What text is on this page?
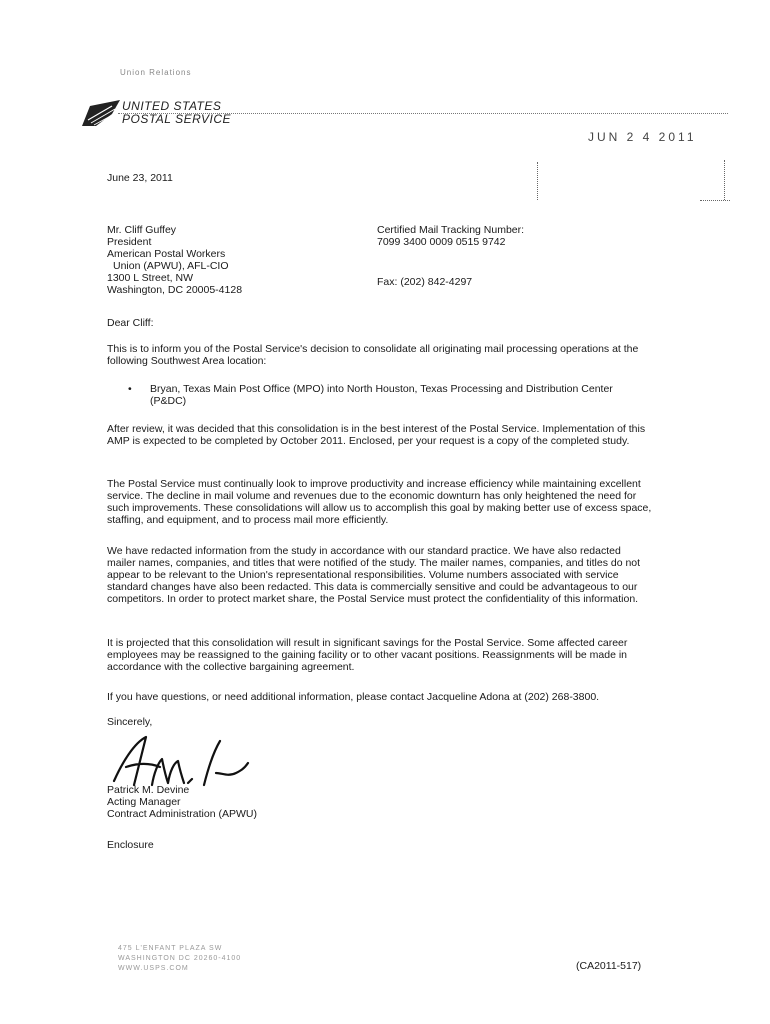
Union Relations
UNITED STATES
POSTAL SERVICE
JUN 2 4 2011
June 23, 2011
Mr. Cliff Guffey
President
American Postal Workers
Union (APWU), AFL-CIO
1300 L Street, NW
Washington, DC 20005-4128
Certified Mail Tracking Number:
7099 3400 0009 0515 9742
Fax: (202) 842-4297
Dear Cliff:
This is to inform you of the Postal Service's decision to consolidate all originating mail processing operations at the following Southwest Area location:
•	Bryan, Texas Main Post Office (MPO) into North Houston, Texas Processing and Distribution Center (P&DC)
After review, it was decided that this consolidation is in the best interest of the Postal Service. Implementation of this AMP is expected to be completed by October 2011. Enclosed, per your request is a copy of the completed study.
The Postal Service must continually look to improve productivity and increase efficiency while maintaining excellent service. The decline in mail volume and revenues due to the economic downturn has only heightened the need for such improvements. These consolidations will allow us to accomplish this goal by making better use of excess space, staffing, and equipment, and to process mail more efficiently.
We have redacted information from the study in accordance with our standard practice. We have also redacted mailer names, companies, and titles that were notified of the study. The mailer names, companies, and titles do not appear to be relevant to the Union's representational responsibilities. Volume numbers associated with service standard changes have also been redacted. This data is commercially sensitive and could be advantageous to our competitors. In order to protect market share, the Postal Service must protect the confidentiality of this information.
It is projected that this consolidation will result in significant savings for the Postal Service. Some affected career employees may be reassigned to the gaining facility or to other vacant positions. Reassignments will be made in accordance with the collective bargaining agreement.
If you have questions, or need additional information, please contact Jacqueline Adona at (202) 268-3800.
Sincerely,
Patrick M. Devine
Acting Manager
Contract Administration (APWU)
Enclosure
475 L'ENFANT PLAZA SW
WASHINGTON DC 20260-4100
WWW.USPS.COM	(CA2011-517)
